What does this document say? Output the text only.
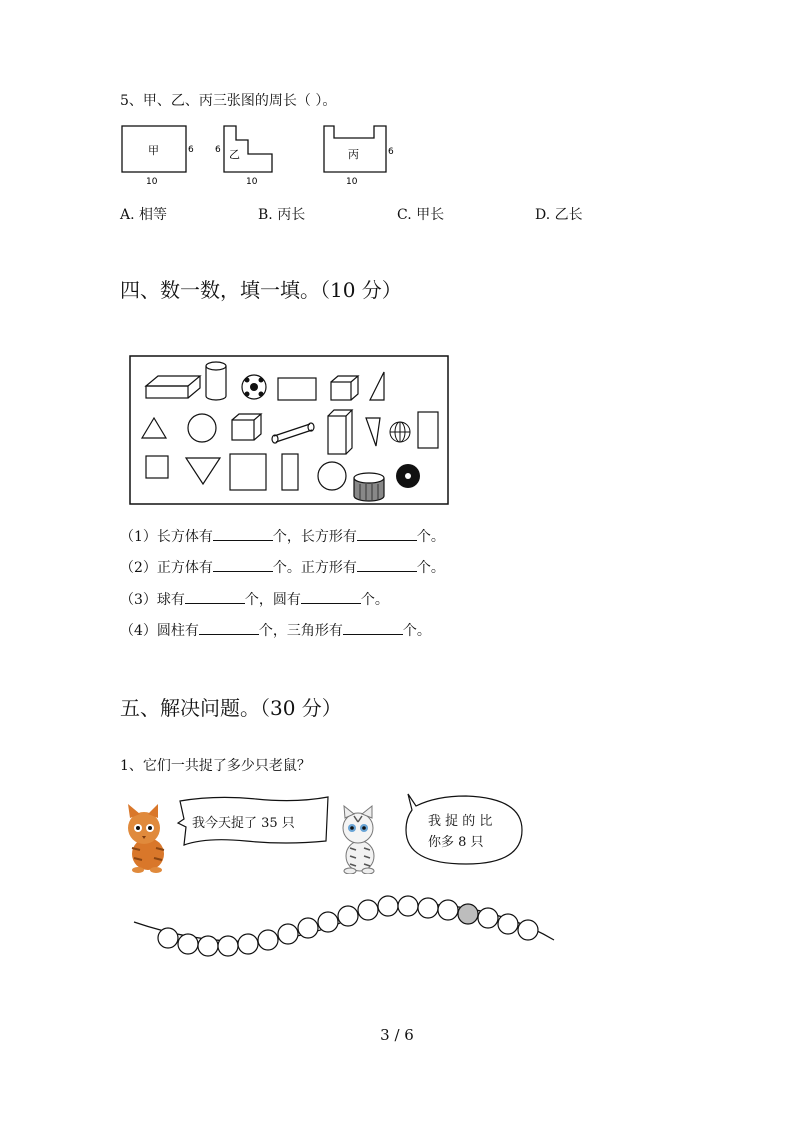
5、甲、乙、丙三张图的周长（ ）。
甲	6
10
乙
6
10
丙	6
10
A. 相等	B. 丙长	C. 甲长	D. 乙长
四、数一数，填一填。（10 分）
（1）长方体有	个，长方形有	个。
（2）正方体有	个。正方形有	个。
（3）球有	个，圆有	个。
（4）圆柱有	个，三角形有	个。
五、解决问题。（30 分）
1、它们一共捉了多少只老鼠？
我今天捉了 35 只	我 捉 的 比
你多 8 只
3 / 6
